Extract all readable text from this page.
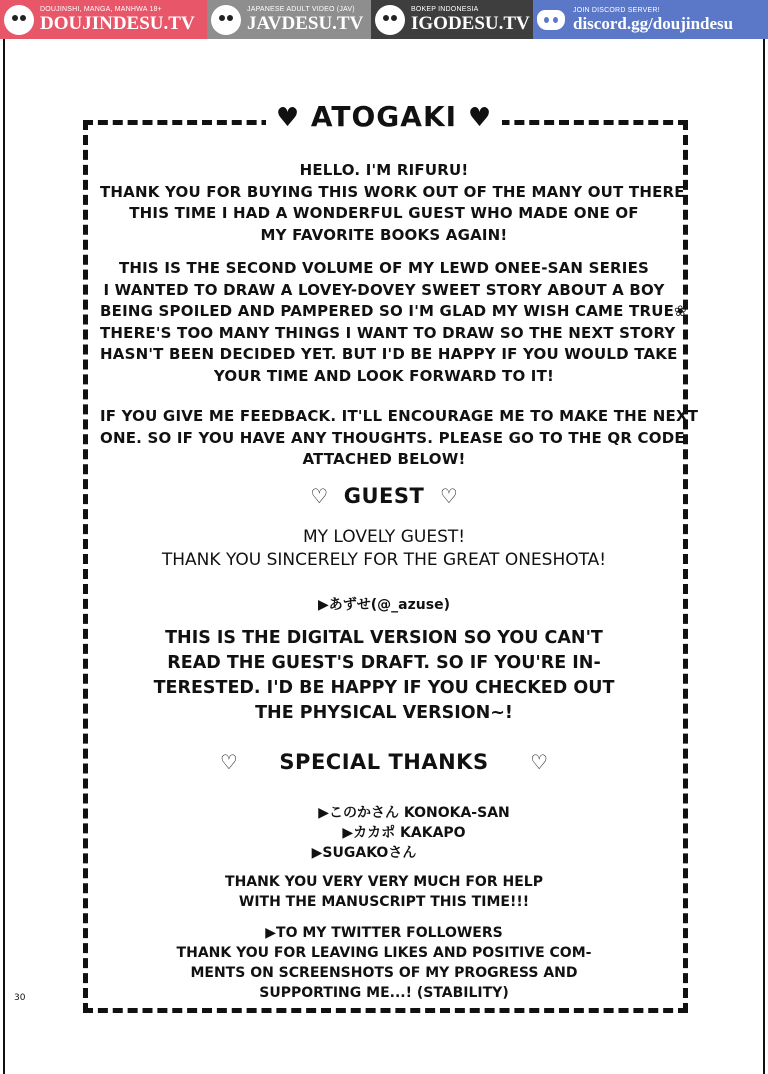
DOUJINSHI, MANGA, MANHWA 18+
DOUJINDESU.TV
JAPANESE ADULT VIDEO (JAV)
JAVDESU.TV
BOKEP INDONESIA
IGODESU.TV
JOIN DISCORD SERVER!
discord.gg/doujindesu
♥ ATOGAKI ♥
HELLO. I'M RIFURU!
THANK YOU FOR BUYING THIS WORK OUT OF THE MANY OUT THERE
THIS TIME I HAD A WONDERFUL GUEST WHO MADE ONE OF
MY FAVORITE BOOKS AGAIN!
THIS IS THE SECOND VOLUME OF MY LEWD ONEE-SAN SERIES
I WANTED TO DRAW A LOVEY-DOVEY SWEET STORY ABOUT A BOY
BEING SPOILED AND PAMPERED SO I'M GLAD MY WISH CAME TRUE❀
THERE'S TOO MANY THINGS I WANT TO DRAW SO THE NEXT STORY
HASN'T BEEN DECIDED YET. BUT I'D BE HAPPY IF YOU WOULD TAKE
YOUR TIME AND LOOK FORWARD TO IT!
IF YOU GIVE ME FEEDBACK. IT'LL ENCOURAGE ME TO MAKE THE NEXT
ONE. SO IF YOU HAVE ANY THOUGHTS. PLEASE GO TO THE QR CODE
ATTACHED BELOW!
♡ GUEST ♡
MY LOVELY GUEST!
THANK YOU SINCERELY FOR THE GREAT ONESHOTA!
▶あずせ(@_azuse)
THIS IS THE DIGITAL VERSION SO YOU CAN'T
READ THE GUEST'S DRAFT. SO IF YOU'RE IN-
TERESTED. I'D BE HAPPY IF YOU CHECKED OUT
THE PHYSICAL VERSION~!
♡ SPECIAL THANKS ♡
▶このかさん KONOKA-SAN
▶カカポ KAKAPO
▶SUGAKOさん
THANK YOU VERY VERY MUCH FOR HELP
WITH THE MANUSCRIPT THIS TIME!!!
▶TO MY TWITTER FOLLOWERS
THANK YOU FOR LEAVING LIKES AND POSITIVE COM-
MENTS ON SCREENSHOTS OF MY PROGRESS AND
SUPPORTING ME...! (STABILITY)
30
